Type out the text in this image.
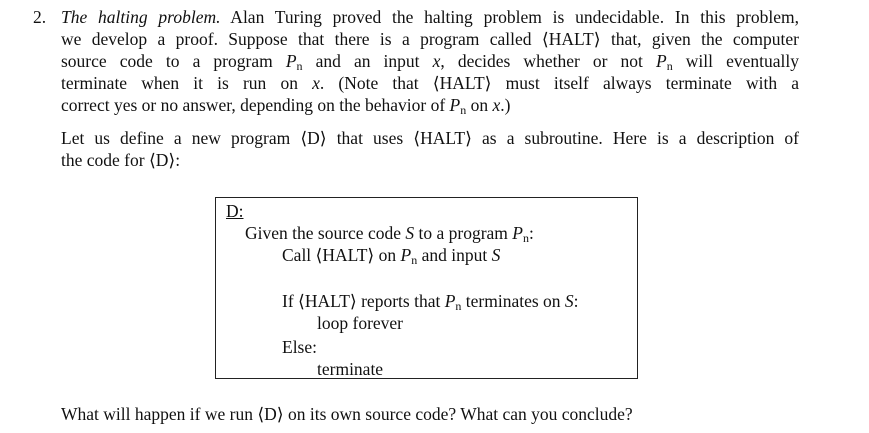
2. The halting problem. Alan Turing proved the halting problem is undecidable. In this problem,
we develop a proof. Suppose that there is a program called ⟨HALT⟩ that, given the computer
source code to a program $P_n$ and an input x, decides whether or not $P_n$ will eventually
terminate when it is run on x. (Note that ⟨HALT⟩ must itself always terminate with a
correct yes or no answer, depending on the behavior of $P_n$ on x.)
Let us define a new program ⟨D⟩ that uses ⟨HALT⟩ as a subroutine. Here is a description of
the code for ⟨D⟩:
D:
Given the source code S to a program $P_n$:
Call ⟨HALT⟩ on $P_n$ and input S
If ⟨HALT⟩ reports that $P_n$ terminates on S:
loop forever
Else:
terminate
What will happen if we run ⟨D⟩ on its own source code? What can you conclude?
